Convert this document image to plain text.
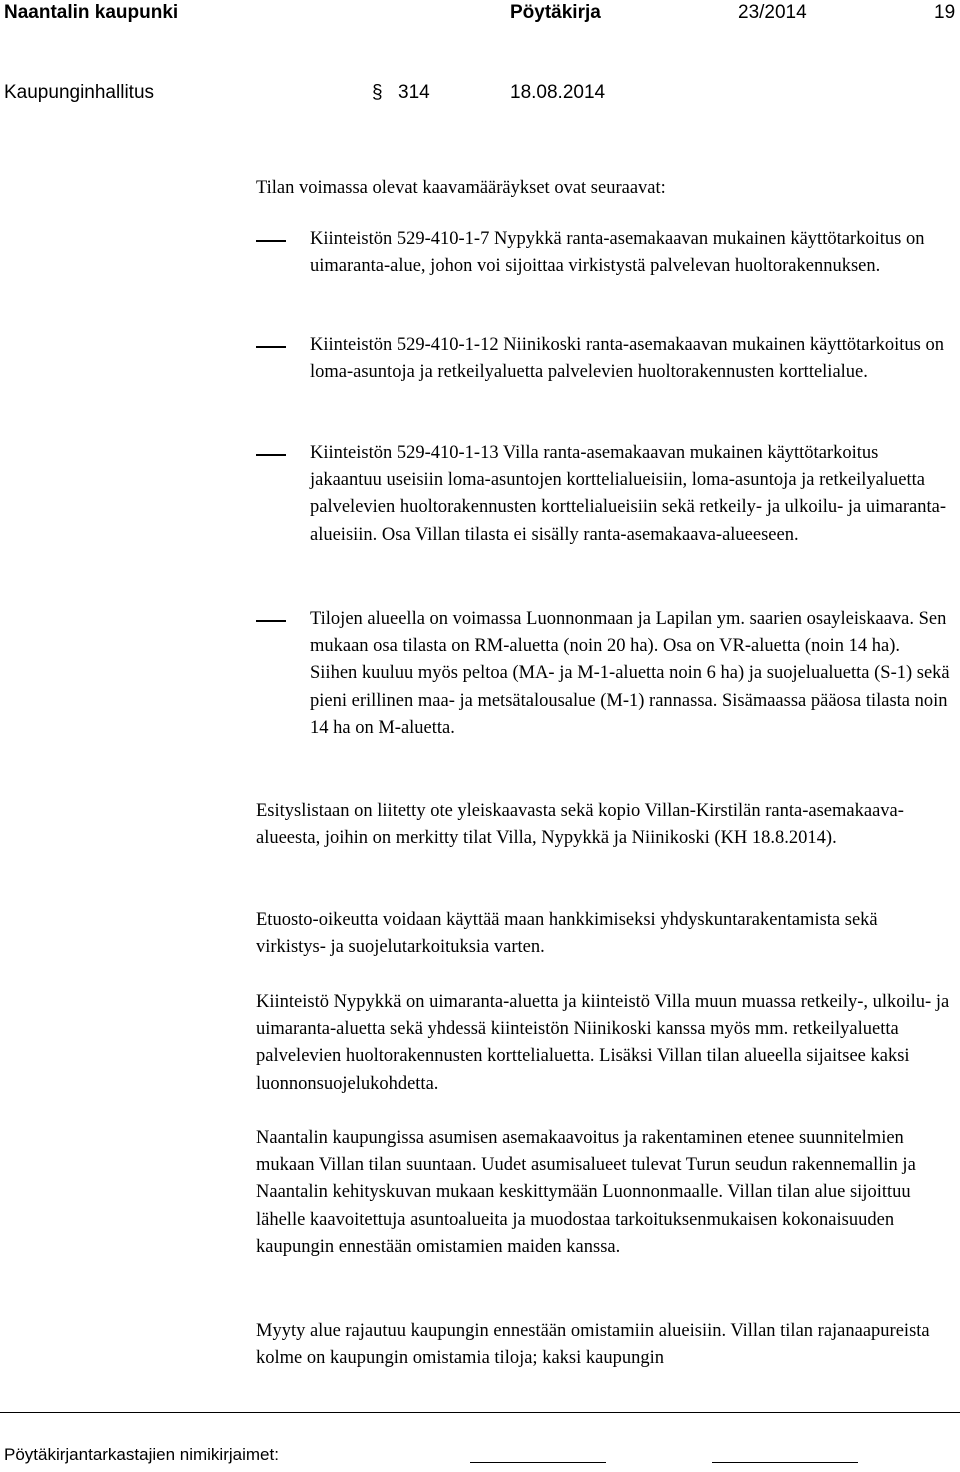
Naantalin kaupunki	Pöytäkirja	23/2014	19
Kaupunginhallitus	§ 314	18.08.2014
Tilan voimassa olevat kaavamääräykset ovat seuraavat:
Kiinteistön 529-410-1-7 Nypykkä ranta-asemakaavan mukainen käyttötarkoitus on uimaranta-alue, johon voi sijoittaa virkistystä palvelevan huoltorakennuksen.
Kiinteistön 529-410-1-12 Niinikoski ranta-asemakaavan mukainen käyttötarkoitus on loma-asuntoja ja retkeilyaluetta palvelevien huoltorakennusten korttelialue.
Kiinteistön 529-410-1-13 Villa ranta-asemakaavan mukainen käyttötarkoitus jakaantuu useisiin loma-asuntojen korttelialueisiin, loma-asuntoja ja retkeilyaluetta palvelevien huoltorakennusten korttelialueisiin sekä retkeily- ja ulkoilu- ja uimaranta-alueisiin. Osa Villan tilasta ei sisälly ranta-asemakaava-alueeseen.
Tilojen alueella on voimassa Luonnonmaan ja Lapilan ym. saarien osayleiskaava. Sen mukaan osa tilasta on RM-aluetta (noin 20 ha). Osa on VR-aluetta (noin 14 ha). Siihen kuuluu myös peltoa (MA- ja M-1-aluetta noin 6 ha) ja suojelualuetta (S-1) sekä pieni erillinen maa- ja metsätalousalue (M-1) rannassa. Sisämaassa pääosa tilasta noin 14 ha on M-aluetta.
Esityslistaan on liitetty ote yleiskaavasta sekä kopio Villan-Kirstilän ranta-asemakaava-alueesta, joihin on merkitty tilat Villa, Nypykkä ja Niinikoski (KH 18.8.2014).
Etuosto-oikeutta voidaan käyttää maan hankkimiseksi yhdyskuntarakentamista sekä virkistys- ja suojelutarkoituksia varten.
Kiinteistö Nypykkä on uimaranta-aluetta ja kiinteistö Villa muun muassa retkeily-, ulkoilu- ja uimaranta-aluetta sekä yhdessä kiinteistön Niinikoski kanssa myös mm. retkeilyaluetta palvelevien huoltorakennusten korttelialuetta. Lisäksi Villan tilan alueella sijaitsee kaksi luonnonsuojelukohdetta.
Naantalin kaupungissa asumisen asemakaavoitus ja rakentaminen etenee suunnitelmien mukaan Villan tilan suuntaan. Uudet asumisalueet tulevat Turun seudun rakennemallin ja Naantalin kehityskuvan mukaan keskittymään Luonnonmaalle. Villan tilan alue sijoittuu lähelle kaavoitettuja asuntoalueita ja muodostaa tarkoituksenmukaisen kokonaisuuden kaupungin ennestään omistamien maiden kanssa.
Myyty alue rajautuu kaupungin ennestään omistamiin alueisiin. Villan tilan rajanaapureista kolme on kaupungin omistamia tiloja; kaksi kaupungin
Pöytäkirjantarkastajien nimikirjaimet:
